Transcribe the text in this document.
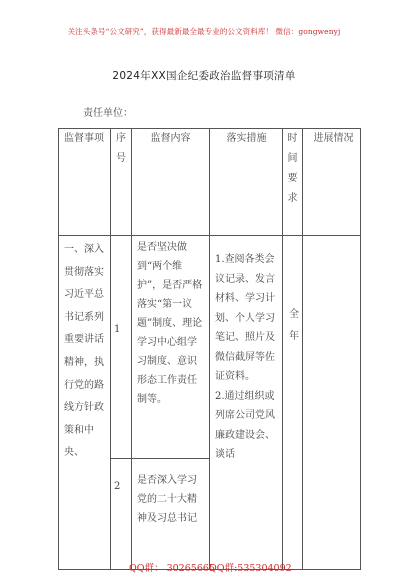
关注头条号“公文研究”，获得最新最全最专业的公文资料库！ 微信：gongwenyj
2024年XX国企纪委政治监督事项清单
责任单位：
监督事项	序号	监督内容	落实措施	时间要求	进展情况

一、深入贯彻落实习近平总书记系列重要讲话精神，执行党的路线方针政策和中央、	1	是否坚决做到“两个维护”，是否严格落实“第一议题”制度、理论学习中心组学习制度、意识形态工作责任制等。	1.查阅各类会议记录、发言材料、学习计划、个人学习笔记、照片及微信截屏等佐证资料。
2.通过组织或列席公司党风廉政建设会、谈话	全年	

	2	是否深入学习党的二十大精神及习总书记			
QQ群： 30265665
QQ群:535304092
